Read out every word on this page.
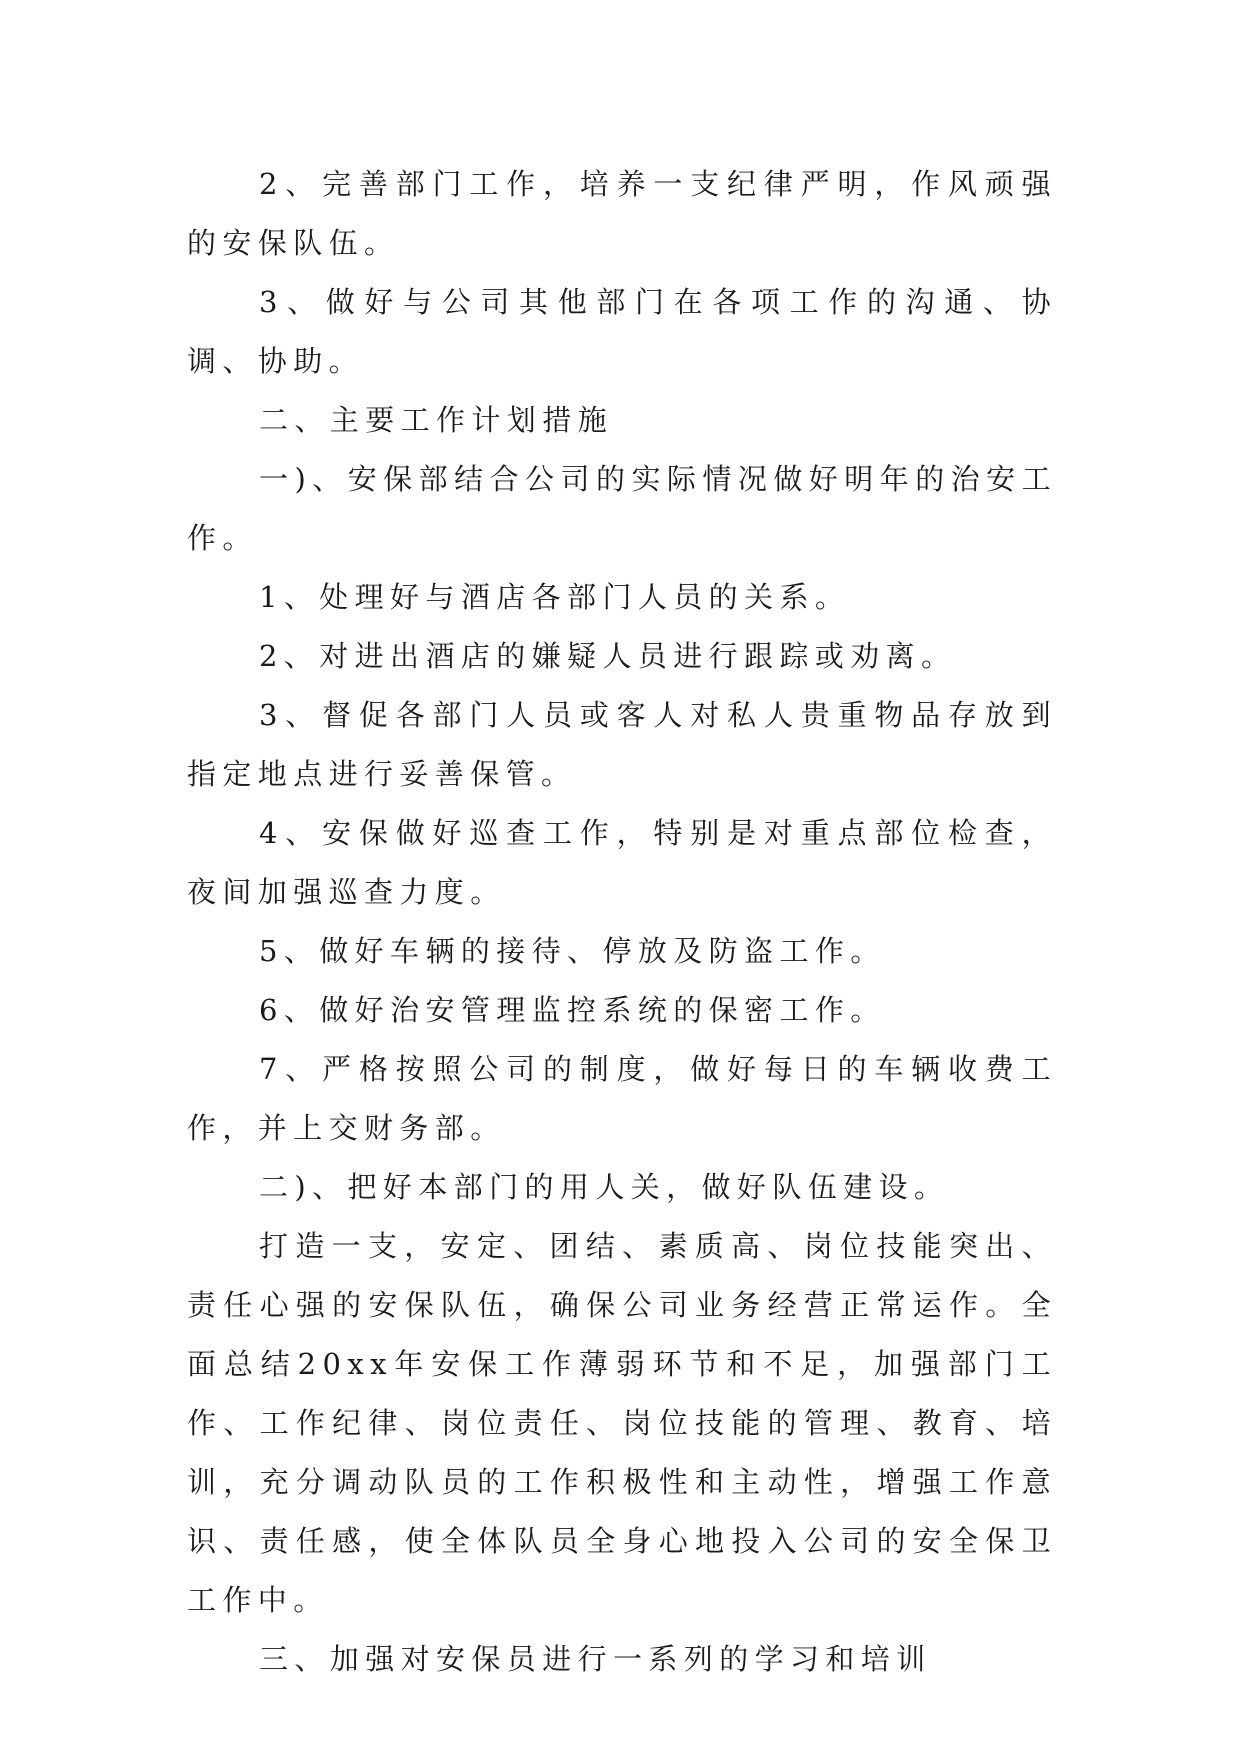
2、完善部门工作，培养一支纪律严明，作风顽强的安保队伍。

3、做好与公司其他部门在各项工作的沟通、协调、协助。

二、主要工作计划措施

一)、安保部结合公司的实际情况做好明年的治安工作。

1、处理好与酒店各部门人员的关系。

2、对进出酒店的嫌疑人员进行跟踪或劝离。

3、督促各部门人员或客人对私人贵重物品存放到指定地点进行妥善保管。

4、安保做好巡查工作，特别是对重点部位检查，夜间加强巡查力度。

5、做好车辆的接待、停放及防盗工作。

6、做好治安管理监控系统的保密工作。

7、严格按照公司的制度，做好每日的车辆收费工作，并上交财务部。

二)、把好本部门的用人关，做好队伍建设。

打造一支，安定、团结、素质高、岗位技能突出、责任心强的安保队伍，确保公司业务经营正常运作。全面总结20xx年安保工作薄弱环节和不足，加强部门工作、工作纪律、岗位责任、岗位技能的管理、教育、培训，充分调动队员的工作积极性和主动性，增强工作意识、责任感，使全体队员全身心地投入公司的安全保卫工作中。

三、加强对安保员进行一系列的学习和培训
